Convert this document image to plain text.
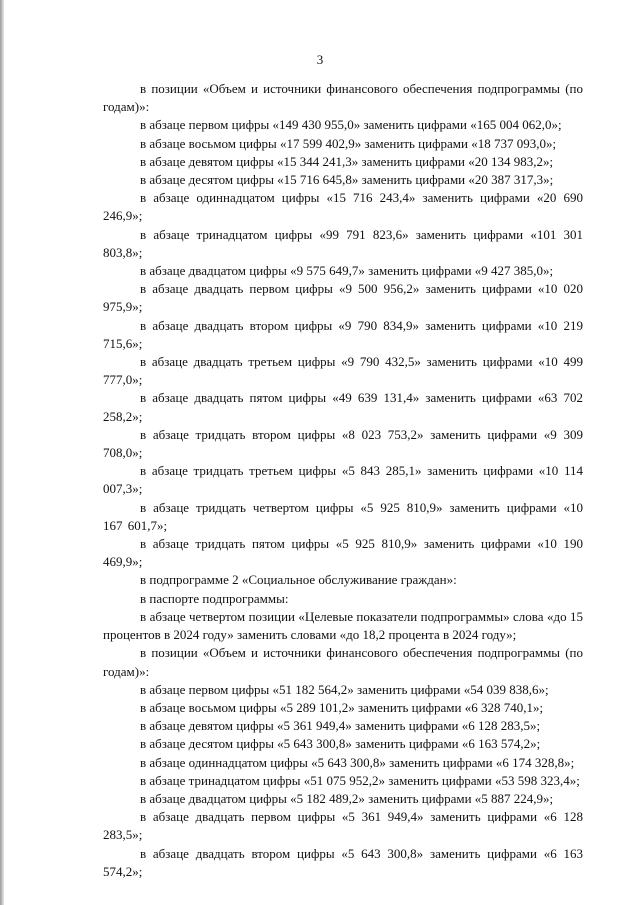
3

в позиции «Объем и источники финансового обеспечения подпрограммы (по годам)»:

в абзаце первом цифры «149 430 955,0» заменить цифрами «165 004 062,0»;

в абзаце восьмом цифры «17 599 402,9» заменить цифрами «18 737 093,0»;

в абзаце девятом цифры «15 344 241,3» заменить цифрами «20 134 983,2»;

в абзаце десятом цифры «15 716 645,8» заменить цифрами «20 387 317,3»;

в абзаце одиннадцатом цифры «15 716 243,4» заменить цифрами «20 690 246,9»;

в абзаце тринадцатом цифры «99 791 823,6» заменить цифрами «101 301 803,8»;

в абзаце двадцатом цифры «9 575 649,7» заменить цифрами «9 427 385,0»;

в абзаце двадцать первом цифры «9 500 956,2» заменить цифрами «10 020 975,9»;

в абзаце двадцать втором цифры «9 790 834,9» заменить цифрами «10 219 715,6»;

в абзаце двадцать третьем цифры «9 790 432,5» заменить цифрами «10 499 777,0»;

в абзаце двадцать пятом цифры «49 639 131,4» заменить цифрами «63 702 258,2»;

в абзаце тридцать втором цифры «8 023 753,2» заменить цифрами «9 309 708,0»;

в абзаце тридцать третьем цифры «5 843 285,1» заменить цифрами «10 114 007,3»;

в абзаце тридцать четвертом цифры «5 925 810,9» заменить цифрами «10 167 601,7»;

в абзаце тридцать пятом цифры «5 925 810,9» заменить цифрами «10 190 469,9»;

в подпрограмме 2 «Социальное обслуживание граждан»:

в паспорте подпрограммы:

в абзаце четвертом позиции «Целевые показатели подпрограммы» слова «до 15 процентов в 2024 году» заменить словами «до 18,2 процента в 2024 году»;

в позиции «Объем и источники финансового обеспечения подпрограммы (по годам)»:

в абзаце первом цифры «51 182 564,2» заменить цифрами «54 039 838,6»;

в абзаце восьмом цифры «5 289 101,2» заменить цифрами «6 328 740,1»;

в абзаце девятом цифры «5 361 949,4» заменить цифрами «6 128 283,5»;

в абзаце десятом цифры «5 643 300,8» заменить цифрами «6 163 574,2»;

в абзаце одиннадцатом цифры «5 643 300,8» заменить цифрами «6 174 328,8»;

в абзаце тринадцатом цифры «51 075 952,2» заменить цифрами «53 598 323,4»;

в абзаце двадцатом цифры «5 182 489,2» заменить цифрами «5 887 224,9»;

в абзаце двадцать первом цифры «5 361 949,4» заменить цифрами «6 128 283,5»;

в абзаце двадцать втором цифры «5 643 300,8» заменить цифрами «6 163 574,2»;
